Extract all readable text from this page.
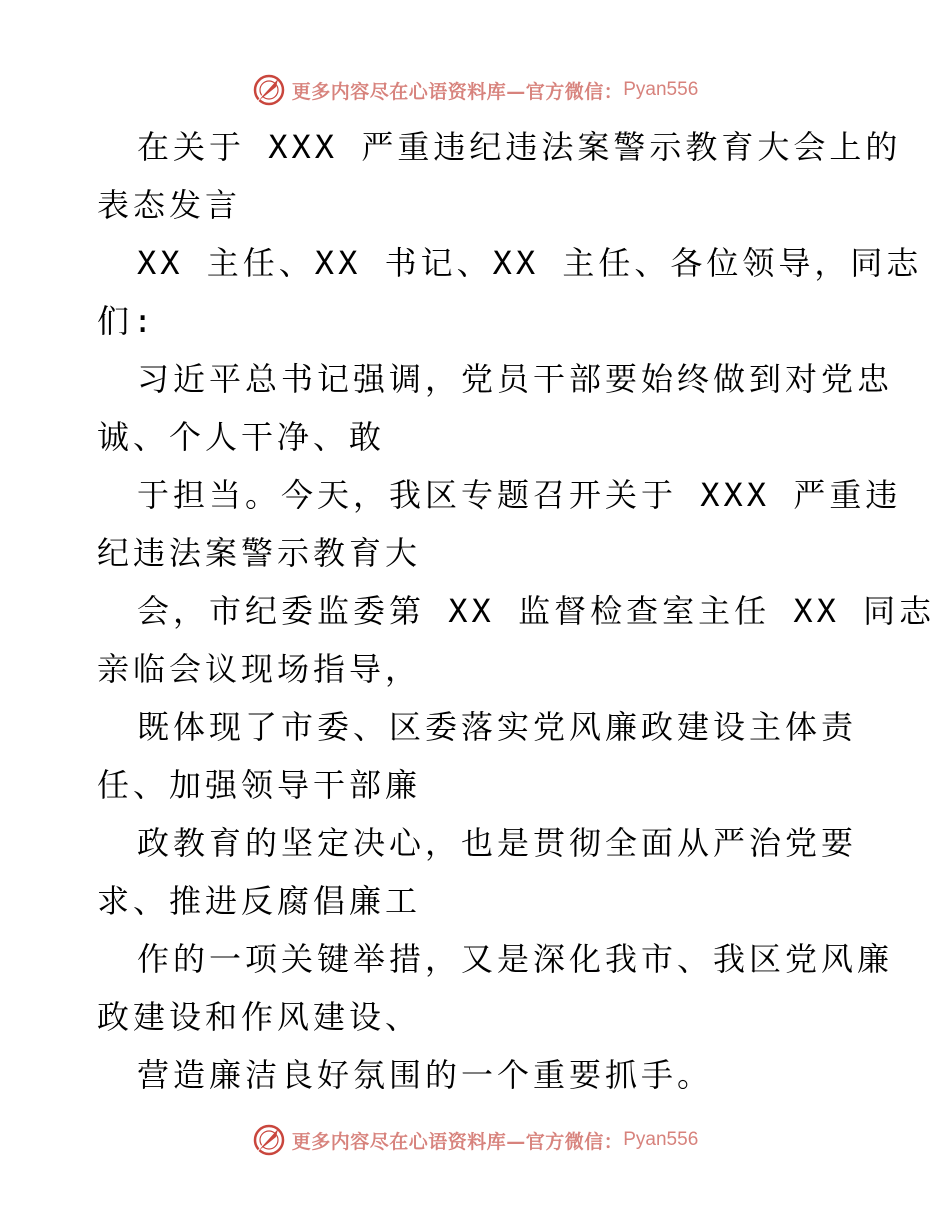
更多内容尽在心语资料库—官方微信： Pyan556

在关于 XXX 严重违纪违法案警示教育大会上的

表态发言

XX 主任、XX 书记、XX 主任、各位领导，同志

们:

习近平总书记强调，党员干部要始终做到对党忠

诚、个人干净、敢

于担当。今天，我区专题召开关于 XXX 严重违

纪违法案警示教育大

会，市纪委监委第 XX 监督检查室主任 XX 同志

亲临会议现场指导，

既体现了市委、区委落实党风廉政建设主体责

任、加强领导干部廉

政教育的坚定决心，也是贯彻全面从严治党要

求、推进反腐倡廉工

作的一项关键举措，又是深化我市、我区党风廉

政建设和作风建设、

营造廉洁良好氛围的一个重要抓手。

更多内容尽在心语资料库—官方微信： Pyan556
